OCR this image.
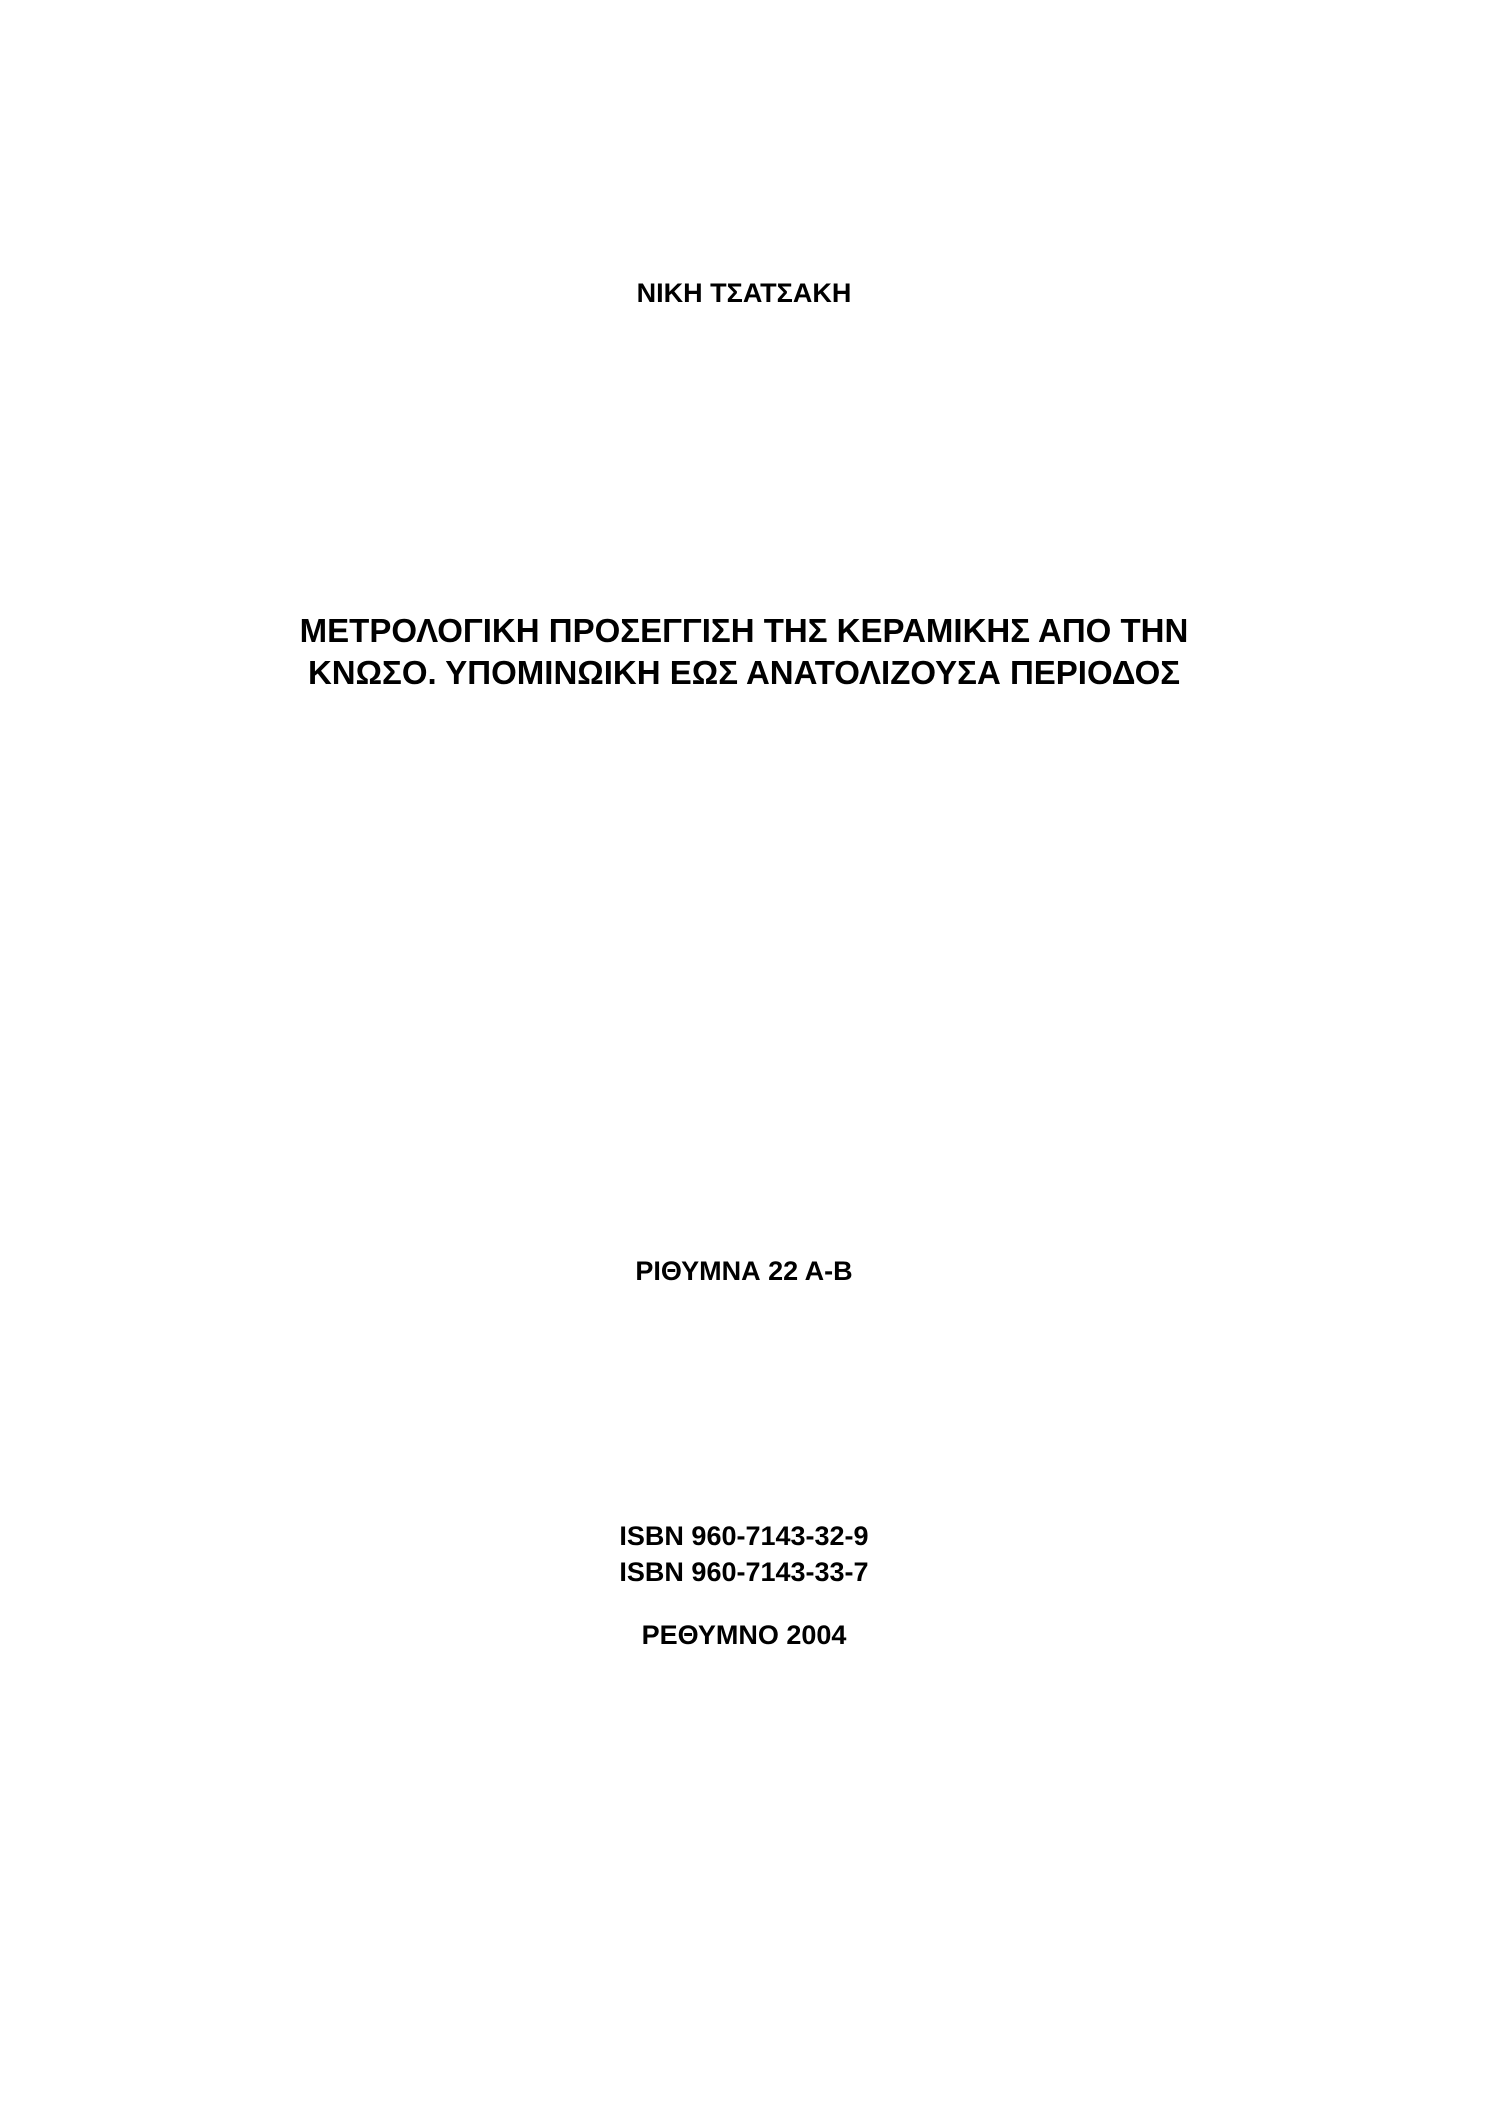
ΝΙΚΗ ΤΣΑΤΣΑΚΗ
ΜΕΤΡΟΛΟΓΙΚΗ ΠΡΟΣΕΓΓΙΣΗ ΤΗΣ ΚΕΡΑΜΙΚΗΣ ΑΠΟ ΤΗΝ
ΚΝΩΣΟ. ΥΠΟΜΙΝΩΙΚΗ ΕΩΣ ΑΝΑΤΟΛΙΖΟΥΣΑ ΠΕΡΙΟΔΟΣ
ΡΙΘΥΜΝΑ 22 Α-Β
ISBN 960-7143-32-9
ISBN 960-7143-33-7
ΡΕΘΥΜΝΟ 2004
